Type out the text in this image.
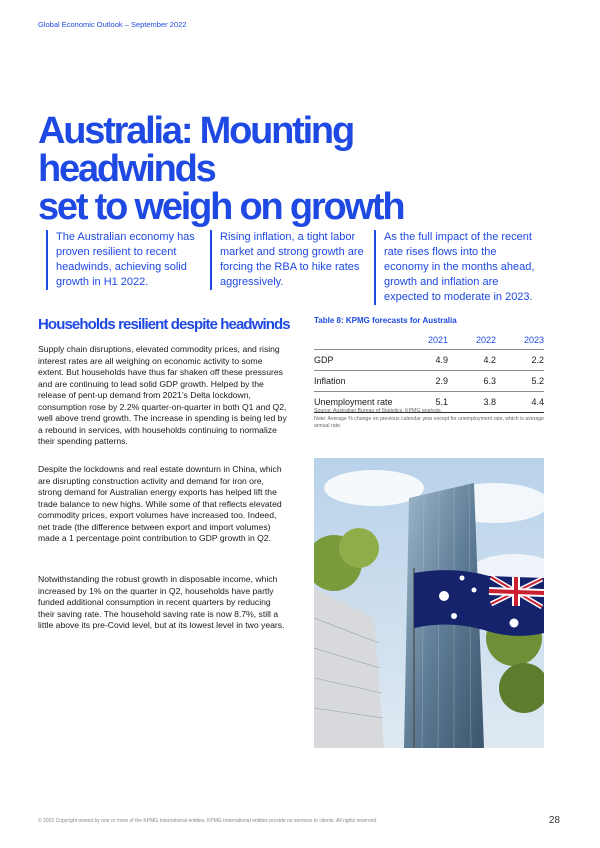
Global Economic Outlook – September 2022
Australia: Mounting headwinds
set to weigh on growth
The Australian economy has proven resilient to recent headwinds, achieving solid growth in H1 2022.
Rising inflation, a tight labor market and strong growth are forcing the RBA to hike rates aggressively.
As the full impact of the recent rate rises flows into the economy in the months ahead, growth and inflation are expected to moderate in 2023.
Households resilient despite headwinds

Supply chain disruptions, elevated commodity prices, and rising interest rates are all weighing on economic activity to some extent. But households have thus far shaken off these pressures and are continuing to lead solid GDP growth. Helped by the release of pent-up demand from 2021’s Delta lockdown, consumption rose by 2.2% quarter-on-quarter in both Q1 and Q2, well above trend growth. The increase in spending is being led by a rebound in services, with households continuing to normalize their spending patterns.

Despite the lockdowns and real estate downturn in China, which are disrupting construction activity and demand for iron ore, strong demand for Australian energy exports has helped lift the trade balance to new highs. While some of that reflects elevated commodity prices, export volumes have increased too. Indeed, net trade (the difference between export and import volumes) made a 1 percentage point contribution to GDP growth in Q2.

Notwithstanding the robust growth in disposable income, which increased by 1% on the quarter in Q2, households have partly funded additional consumption in recent quarters by reducing their saving rate. The household saving rate is now 8.7%, still a little above its pre-Covid level, but at its lowest level in two years.

Table 8: KPMG forecasts for Australia
	2021	2022	2023
GDP	4.9	4.2	2.2
Inflation	2.9	6.3	5.2
Unemployment rate	5.1	3.8	4.4
Source: Australian Bureau of Statistics, KPMG analysis.
Note: Average % change on previous calendar year except for unemployment rate, which is average annual rate.
© 2022 Copyright owned by one or more of the KPMG International entities. KPMG International entities provide no services to clients. All rights reserved.	28
